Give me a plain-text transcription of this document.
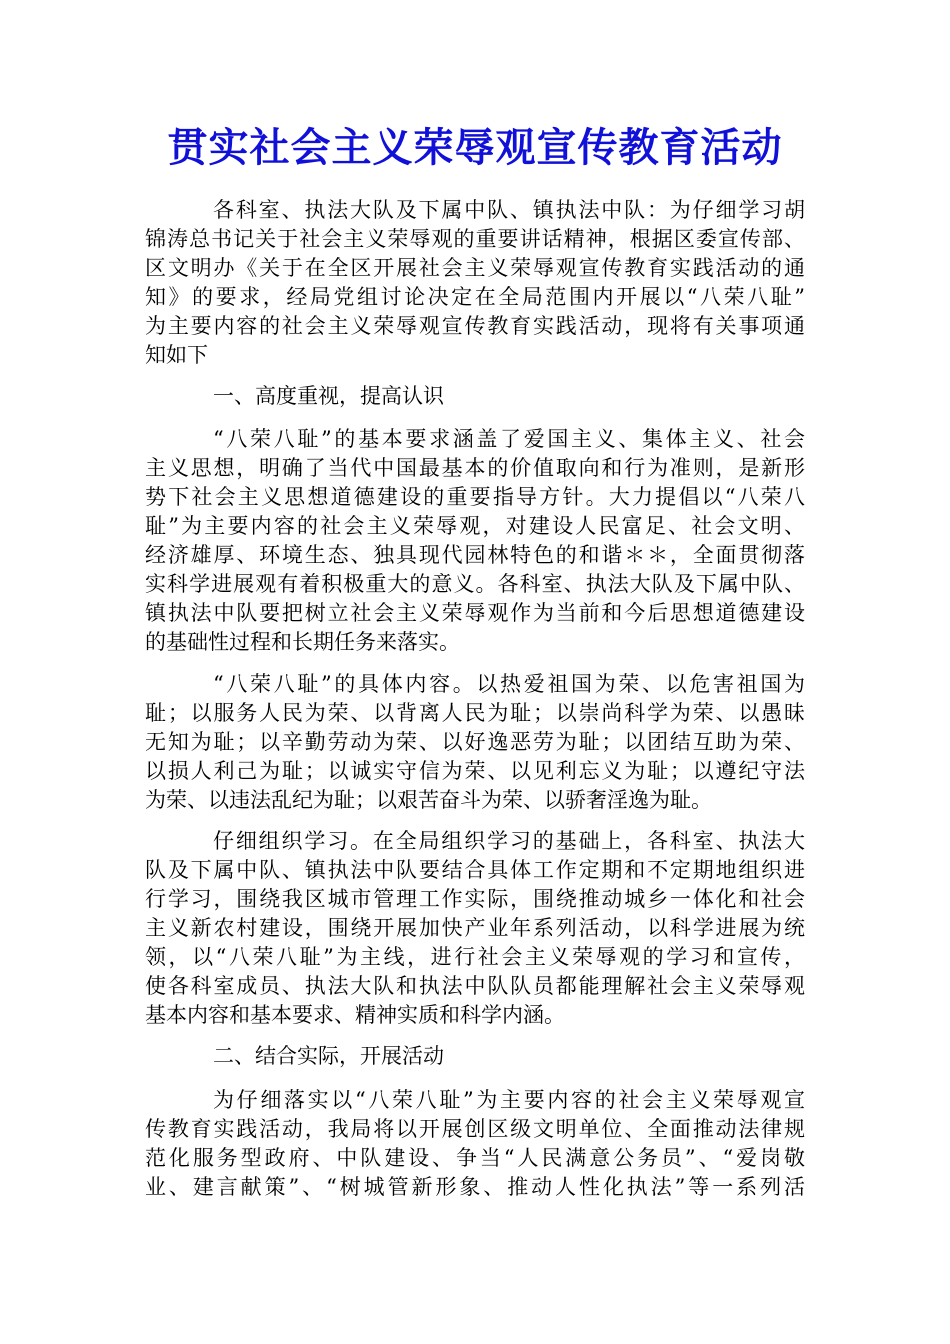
贯实社会主义荣辱观宣传教育活动
各科室、执法大队及下属中队、镇执法中队：为仔细学习胡
锦涛总书记关于社会主义荣辱观的重要讲话精神，根据区委宣传部、
区文明办《关于在全区开展社会主义荣辱观宣传教育实践活动的通
知》的要求，经局党组讨论决定在全局范围内开展以“八荣八耻”
为主要内容的社会主义荣辱观宣传教育实践活动，现将有关事项通
知如下
一、高度重视，提高认识
“八荣八耻”的基本要求涵盖了爱国主义、集体主义、社会
主义思想，明确了当代中国最基本的价值取向和行为准则，是新形
势下社会主义思想道德建设的重要指导方针。大力提倡以“八荣八
耻”为主要内容的社会主义荣辱观，对建设人民富足、社会文明、
经济雄厚、环境生态、独具现代园林特色的和谐＊＊，全面贯彻落
实科学进展观有着积极重大的意义。各科室、执法大队及下属中队、
镇执法中队要把树立社会主义荣辱观作为当前和今后思想道德建设
的基础性过程和长期任务来落实。
“八荣八耻”的具体内容。以热爱祖国为荣、以危害祖国为
耻；以服务人民为荣、以背离人民为耻；以崇尚科学为荣、以愚昧
无知为耻；以辛勤劳动为荣、以好逸恶劳为耻；以团结互助为荣、
以损人利己为耻；以诚实守信为荣、以见利忘义为耻；以遵纪守法
为荣、以违法乱纪为耻；以艰苦奋斗为荣、以骄奢淫逸为耻。
仔细组织学习。在全局组织学习的基础上，各科室、执法大
队及下属中队、镇执法中队要结合具体工作定期和不定期地组织进
行学习，围绕我区城市管理工作实际，围绕推动城乡一体化和社会
主义新农村建设，围绕开展加快产业年系列活动，以科学进展为统
领，以“八荣八耻”为主线，进行社会主义荣辱观的学习和宣传，
使各科室成员、执法大队和执法中队队员都能理解社会主义荣辱观
基本内容和基本要求、精神实质和科学内涵。
二、结合实际，开展活动
为仔细落实以“八荣八耻”为主要内容的社会主义荣辱观宣
传教育实践活动，我局将以开展创区级文明单位、全面推动法律规
范化服务型政府、中队建设、争当“人民满意公务员”、“爱岗敬
业、建言献策”、“树城管新形象、推动人性化执法”等一系列活
